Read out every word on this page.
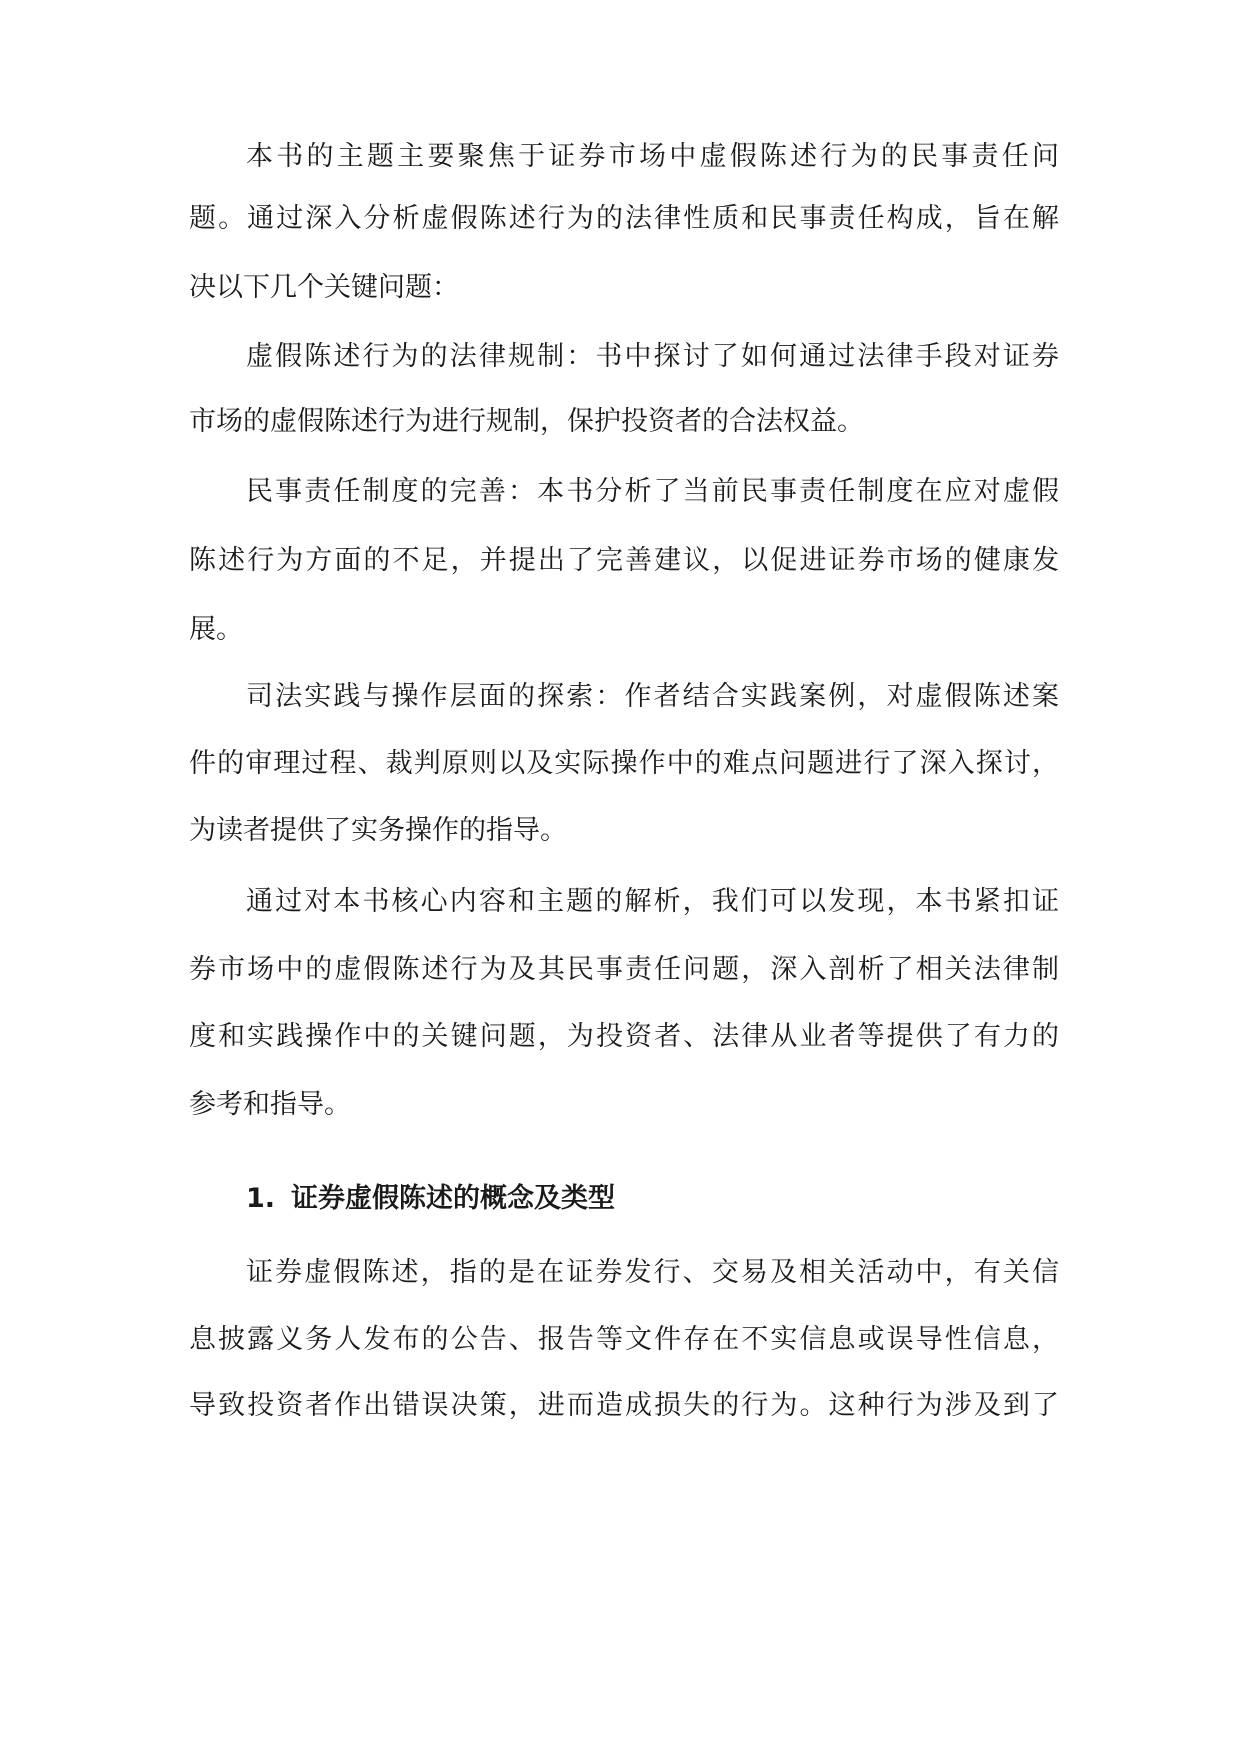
本书的主题主要聚焦于证券市场中虚假陈述行为的民事责任问
题。通过深入分析虚假陈述行为的法律性质和民事责任构成，旨在解
决以下几个关键问题：
虚假陈述行为的法律规制：书中探讨了如何通过法律手段对证券
市场的虚假陈述行为进行规制，保护投资者的合法权益。
民事责任制度的完善：本书分析了当前民事责任制度在应对虚假
陈述行为方面的不足，并提出了完善建议，以促进证券市场的健康发
展。
司法实践与操作层面的探索：作者结合实践案例，对虚假陈述案
件的审理过程、裁判原则以及实际操作中的难点问题进行了深入探讨，
为读者提供了实务操作的指导。
通过对本书核心内容和主题的解析，我们可以发现，本书紧扣证
券市场中的虚假陈述行为及其民事责任问题，深入剖析了相关法律制
度和实践操作中的关键问题，为投资者、法律从业者等提供了有力的
参考和指导。
1. 证券虚假陈述的概念及类型
证券虚假陈述，指的是在证券发行、交易及相关活动中，有关信
息披露义务人发布的公告、报告等文件存在不实信息或误导性信息，
导致投资者作出错误决策，进而造成损失的行为。这种行为涉及到了
